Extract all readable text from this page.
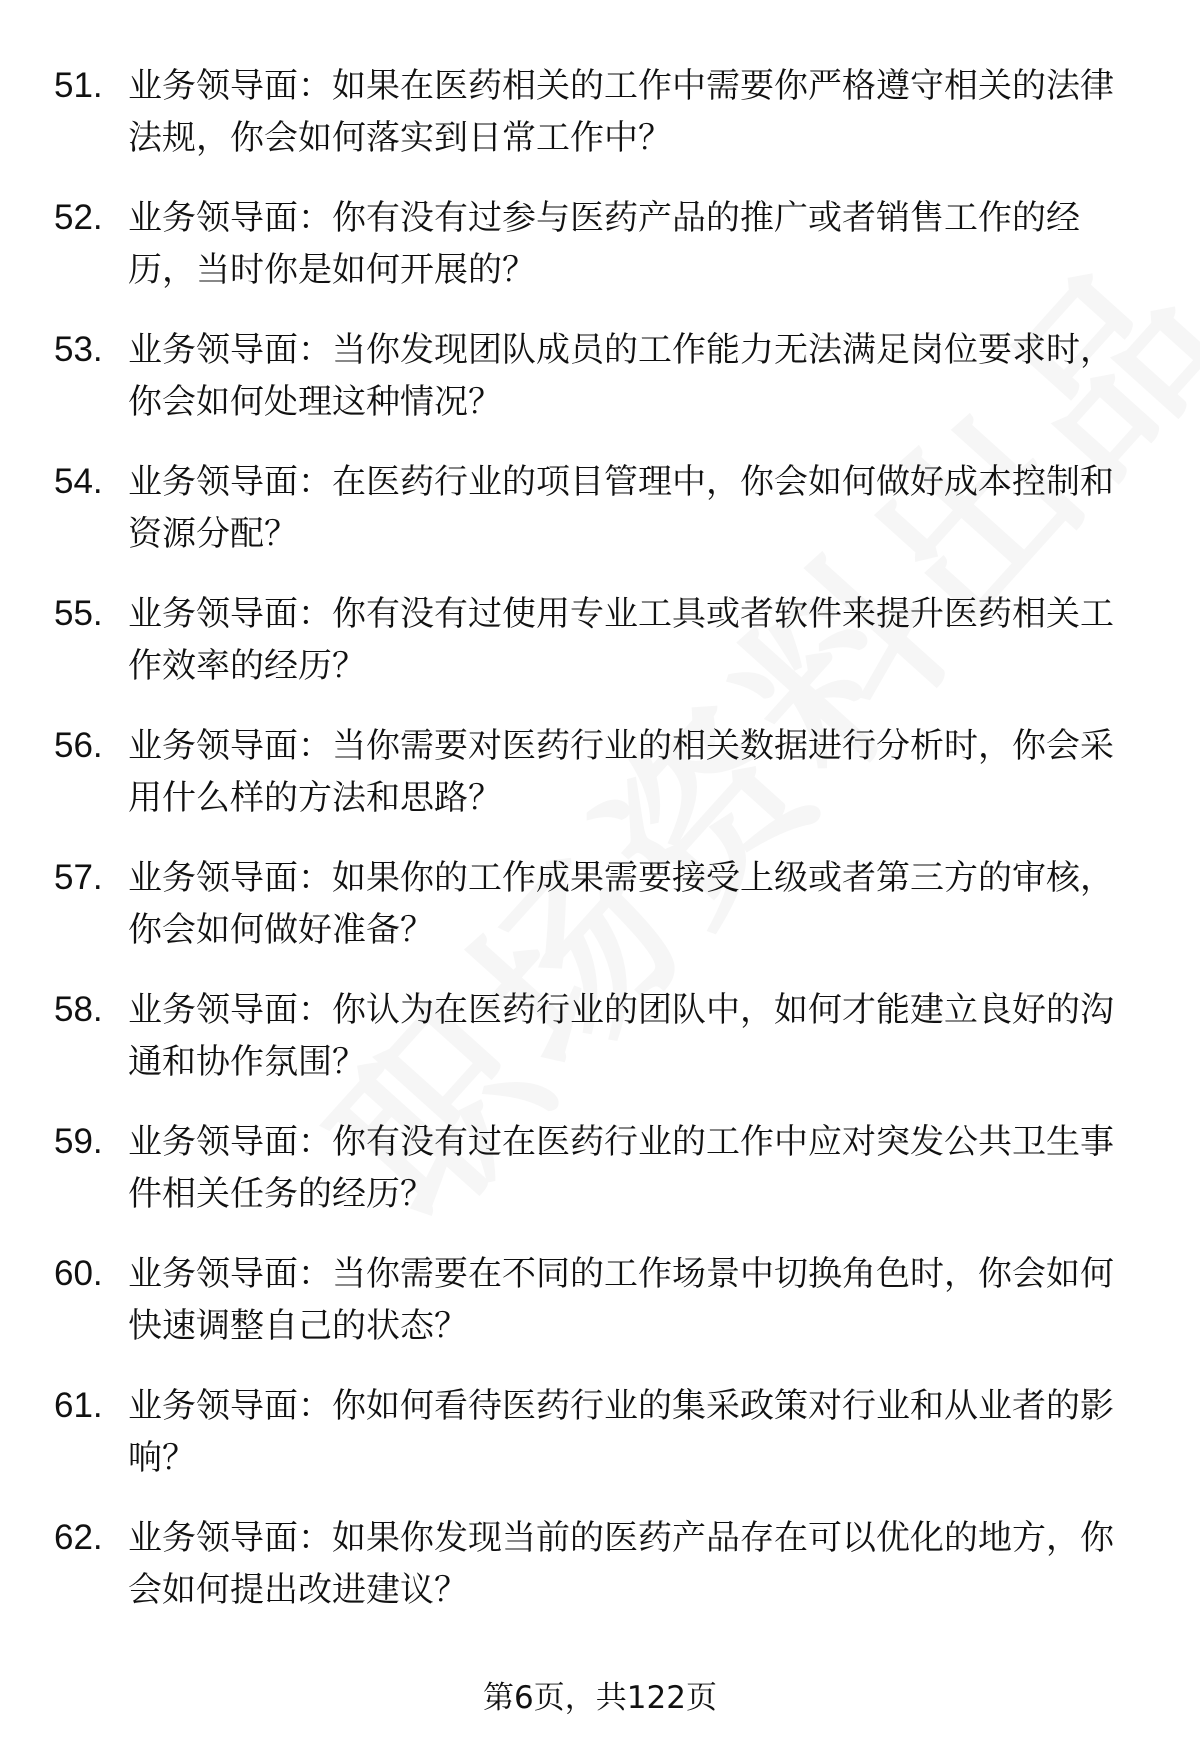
51. 业务领导面：如果在医药相关的工作中需要你严格遵守相关的法律法规，你会如何落实到日常工作中？
52. 业务领导面：你有没有过参与医药产品的推广或者销售工作的经历，当时你是如何开展的？
53. 业务领导面：当你发现团队成员的工作能力无法满足岗位要求时，你会如何处理这种情况？
54. 业务领导面：在医药行业的项目管理中，你会如何做好成本控制和资源分配？
55. 业务领导面：你有没有过使用专业工具或者软件来提升医药相关工作效率的经历？
56. 业务领导面：当你需要对医药行业的相关数据进行分析时，你会采用什么样的方法和思路？
57. 业务领导面：如果你的工作成果需要接受上级或者第三方的审核，你会如何做好准备？
58. 业务领导面：你认为在医药行业的团队中，如何才能建立良好的沟通和协作氛围？
59. 业务领导面：你有没有过在医药行业的工作中应对突发公共卫生事件相关任务的经历？
60. 业务领导面：当你需要在不同的工作场景中切换角色时，你会如何快速调整自己的状态？
61. 业务领导面：你如何看待医药行业的集采政策对行业和从业者的影响？
62. 业务领导面：如果你发现当前的医药产品存在可以优化的地方，你会如何提出改进建议？
第6页，共122页
